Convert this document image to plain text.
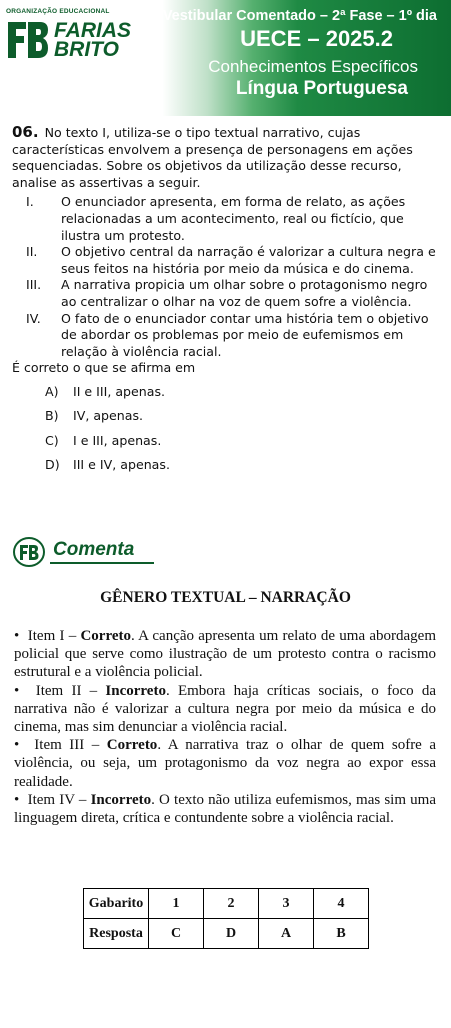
ORGANIZAÇÃO EDUCACIONAL
FARIAS
BRITO
Vestibular Comentado – 2ª Fase – 1º dia
UECE – 2025.2
Conhecimentos Específicos
Língua Portuguesa

06. No texto I, utiliza-se o tipo textual narrativo, cujas características envolvem a presença de personagens em ações sequenciadas. Sobre os objetivos da utilização desse recurso, analise as assertivas a seguir.

I. O enunciador apresenta, em forma de relato, as ações relacionadas a um acontecimento, real ou fictício, que ilustra um protesto.

II. O objetivo central da narração é valorizar a cultura negra e seus feitos na história por meio da música e do cinema.

III. A narrativa propicia um olhar sobre o protagonismo negro ao centralizar o olhar na voz de quem sofre a violência.

IV. O fato de o enunciador contar uma história tem o objetivo de abordar os problemas por meio de eufemismos em relação à violência racial.

É correto o que se afirma em

A) II e III, apenas.
B) IV, apenas.
C) I e III, apenas.
D) III e IV, apenas.
Comenta
GÊNERO TEXTUAL – NARRAÇÃO

• Item I – Correto. A canção apresenta um relato de uma abordagem policial que serve como ilustração de um protesto contra o racismo estrutural e a violência policial.

• Item II – Incorreto. Embora haja críticas sociais, o foco da narrativa não é valorizar a cultura negra por meio da música e do cinema, mas sim denunciar a violência racial.

• Item III – Correto. A narrativa traz o olhar de quem sofre a violência, ou seja, um protagonismo da voz negra ao expor essa realidade.

• Item IV – Incorreto. O texto não utiliza eufemismos, mas sim uma linguagem direta, crítica e contundente sobre a violência racial.

Gabarito	1	2	3	4
Resposta	C	D	A	B
